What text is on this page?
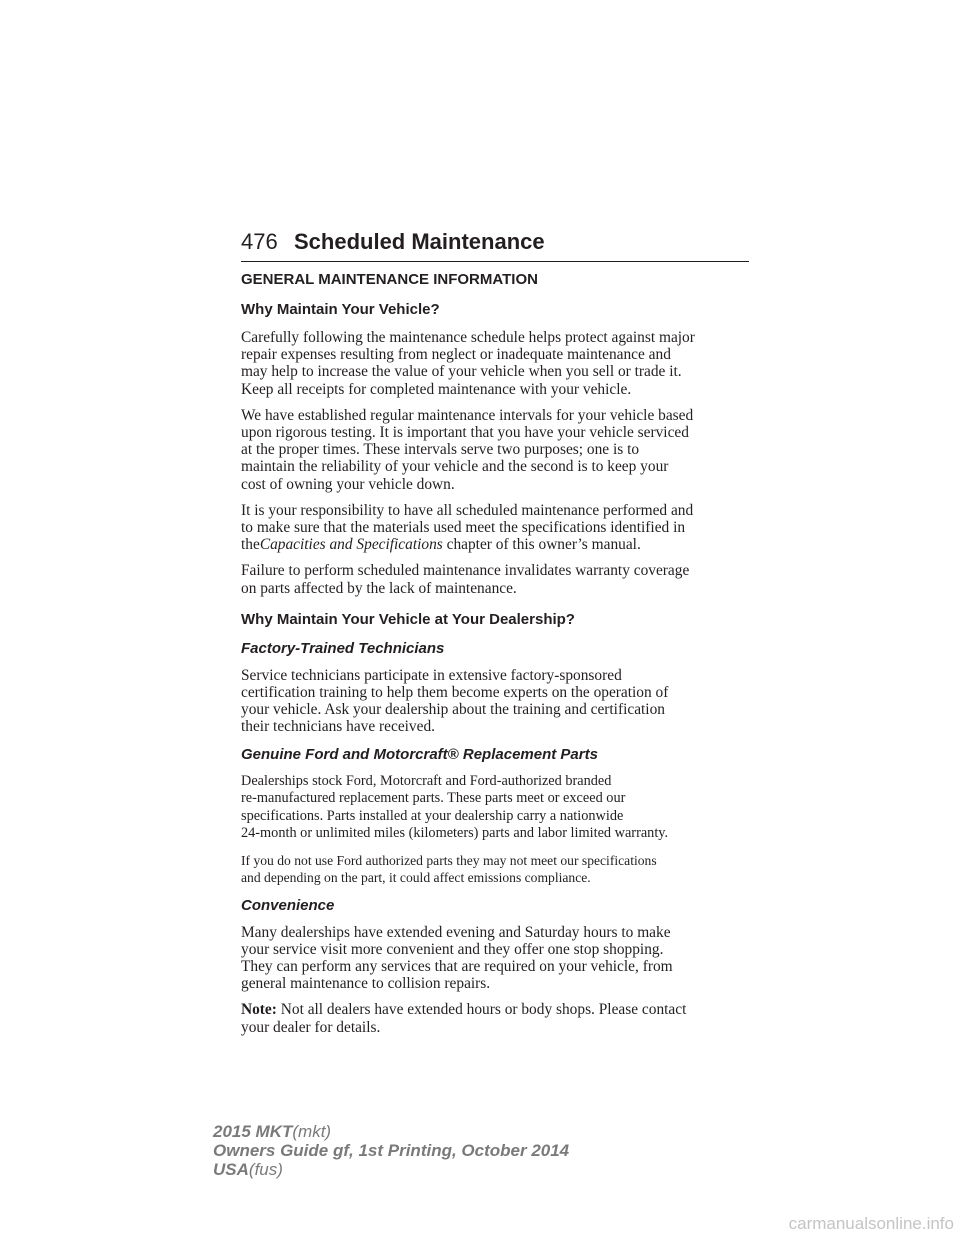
476 Scheduled Maintenance
GENERAL MAINTENANCE INFORMATION
Why Maintain Your Vehicle?
Carefully following the maintenance schedule helps protect against major
repair expenses resulting from neglect or inadequate maintenance and
may help to increase the value of your vehicle when you sell or trade it.
Keep all receipts for completed maintenance with your vehicle.
We have established regular maintenance intervals for your vehicle based
upon rigorous testing. It is important that you have your vehicle serviced
at the proper times. These intervals serve two purposes; one is to
maintain the reliability of your vehicle and the second is to keep your
cost of owning your vehicle down.
It is your responsibility to have all scheduled maintenance performed and
to make sure that the materials used meet the specifications identified in
theCapacities and Specifications chapter of this owner’s manual.
Failure to perform scheduled maintenance invalidates warranty coverage
on parts affected by the lack of maintenance.
Why Maintain Your Vehicle at Your Dealership?
Factory-Trained Technicians
Service technicians participate in extensive factory-sponsored
certification training to help them become experts on the operation of
your vehicle. Ask your dealership about the training and certification
their technicians have received.
Genuine Ford and Motorcraft® Replacement Parts
Dealerships stock Ford, Motorcraft and Ford-authorized branded
re-manufactured replacement parts. These parts meet or exceed our
specifications. Parts installed at your dealership carry a nationwide
24-month or unlimited miles (kilometers) parts and labor limited warranty.
If you do not use Ford authorized parts they may not meet our specifications
and depending on the part, it could affect emissions compliance.
Convenience
Many dealerships have extended evening and Saturday hours to make
your service visit more convenient and they offer one stop shopping.
They can perform any services that are required on your vehicle, from
general maintenance to collision repairs.
Note: Not all dealers have extended hours or body shops. Please contact
your dealer for details.
2015 MKT(mkt)
Owners Guide gf, 1st Printing, October 2014
USA(fus)
carmanualsonline.info
